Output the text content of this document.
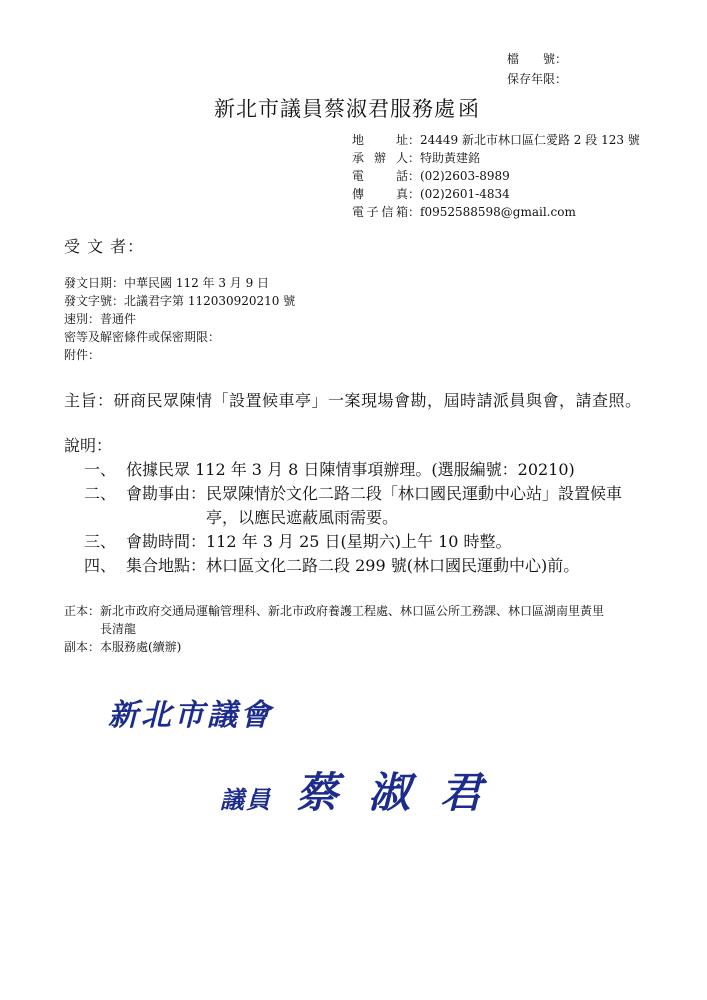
檔　　號：
保存年限：
新北市議員蔡淑君服務處 函
地　　址 ：24449 新北市林口區仁愛路 2 段 123 號
承 辦 人 ：特助黃建銘
電　　話 ：(02)2603-8989
傳　　真 ：(02)2601-4834
電子信箱 ：f0952588598@gmail.com
受 文 者：
發文日期：中華民國 112 年 3 月 9 日
發文字號：北議君字第 112030920210 號
速別：普通件
密等及解密條件或保密期限：
附件：
主旨：研商民眾陳情「設置候車亭」一案現場會勘，屆時請派員與會，請查照。
說明：
一、 依據民眾 112 年 3 月 8 日陳情事項辦理。(選服編號：20210)
二、 會勘事由：民眾陳情於文化二路二段「林口國民運動中心站」設置候車
亭，以應民遮蔽風雨需要。
三、 會勘時間：112 年 3 月 25 日(星期六)上午 10 時整。
四、 集合地點：林口區文化二路二段 299 號(林口國民運動中心)前。
正本：新北市政府交通局運輸管理科、新北市政府養護工程處、林口區公所工務課、林口區湖南里黃里
長清龍
副本：本服務處(續辦)
新北市議會
議員 蔡淑君
